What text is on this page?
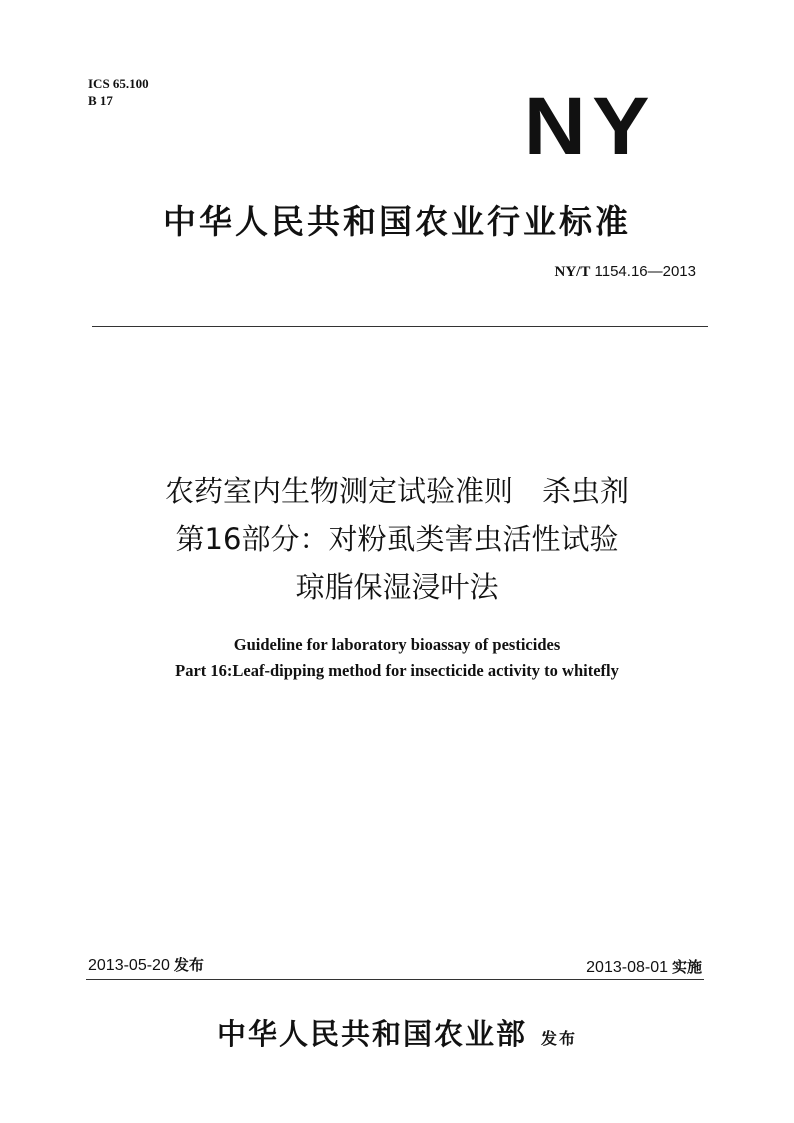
ICS 65.100
B 17	NY
中华人民共和国农业行业标准
NY/T 1154.16—2013
农药室内生物测定试验准则　杀虫剂
第16部分：对粉虱类害虫活性试验
琼脂保湿浸叶法
Guideline for laboratory bioassay of pesticides
Part 16:Leaf-dipping method for insecticide activity to whitefly
2013-05-20 发布	2013-08-01 实施
中华人民共和国农业部 发布
